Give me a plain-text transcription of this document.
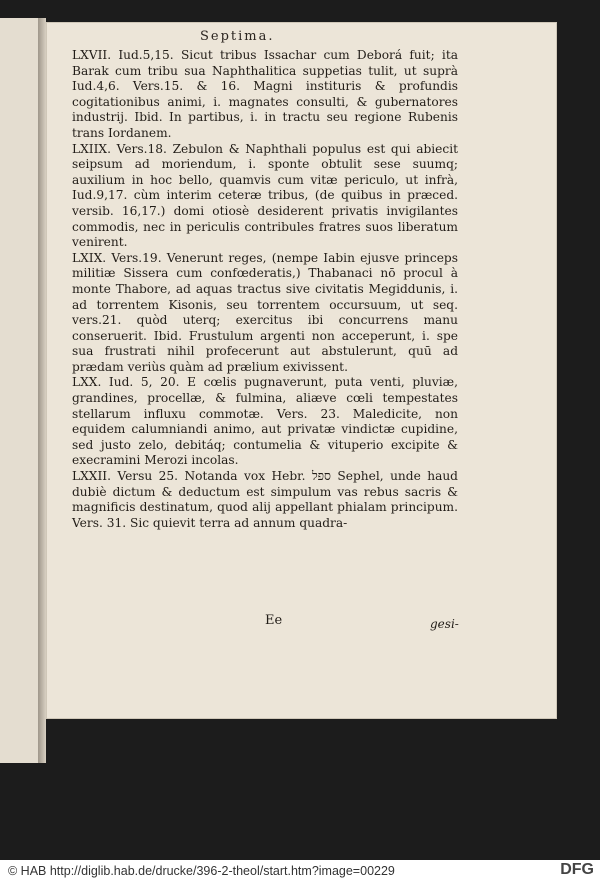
Septima.

LXVII. Iud.5,15. Sicut tribus Issachar cum Deborá fuit; ita Barak cum tribu sua Naphthalitica suppetias tulit, ut suprà Iud.4,6. Vers.15. & 16. Magni instituris & profundis cogitationibus animi, i. magnates consulti, & gubernatores industrij. Ibid. In partibus, i. in tractu seu regione Rubenis trans Iordanem.

LXIIX. Vers.18. Zebulon & Naphthali populus est qui abiecit seipsum ad moriendum, i. sponte obtulit sese suumq; auxilium in hoc bello, quamvis cum vitæ periculo, ut infrà, Iud.9,17. cùm interim ceteræ tribus, (de quibus in præced. versib. 16,17.) domi otiosè desiderent privatis invigilantes commodis, nec in periculis contribules fratres suos liberatum venirent.

LXIX. Vers.19. Venerunt reges, (nempe Iabin ejusve princeps militiæ Sissera cum confœderatis,) Thabanaci nō procul à monte Thabore, ad aquas tractus sive civitatis Megiddunis, i. ad torrentem Kisonis, seu torrentem occursuum, ut seq. vers.21. quòd uterq; exercitus ibi concurrens manu conseruerit. Ibid. Frustulum argenti non acceperunt, i. spe sua frustrati nihil profecerunt aut abstulerunt, quū ad prædam veriùs quàm ad prælium exivissent.

LXX. Iud. 5, 20. E cœlis pugnaverunt, puta venti, pluviæ, grandines, procellæ, & fulmina, aliæve cœli tempestates stellarum influxu commotæ. Vers. 23. Maledicite, non equidem calumniandi animo, aut privatæ vindictæ cupidine, sed justo zelo, debitáq; contumelia & vituperio excipite & execramini Merozi incolas.

LXXII. Versu 25. Notanda vox Hebr. ספל Sephel, unde haud dubiè dictum & deductum est simpulum vas rebus sacris & magnificis destinatum, quod alij appellant phialam principum. Vers. 31. Sic quievit terra ad annum quadra-

Ee	gesi-
© HAB http://diglib.hab.de/drucke/396-2-theol/start.htm?image=00229	DFG
